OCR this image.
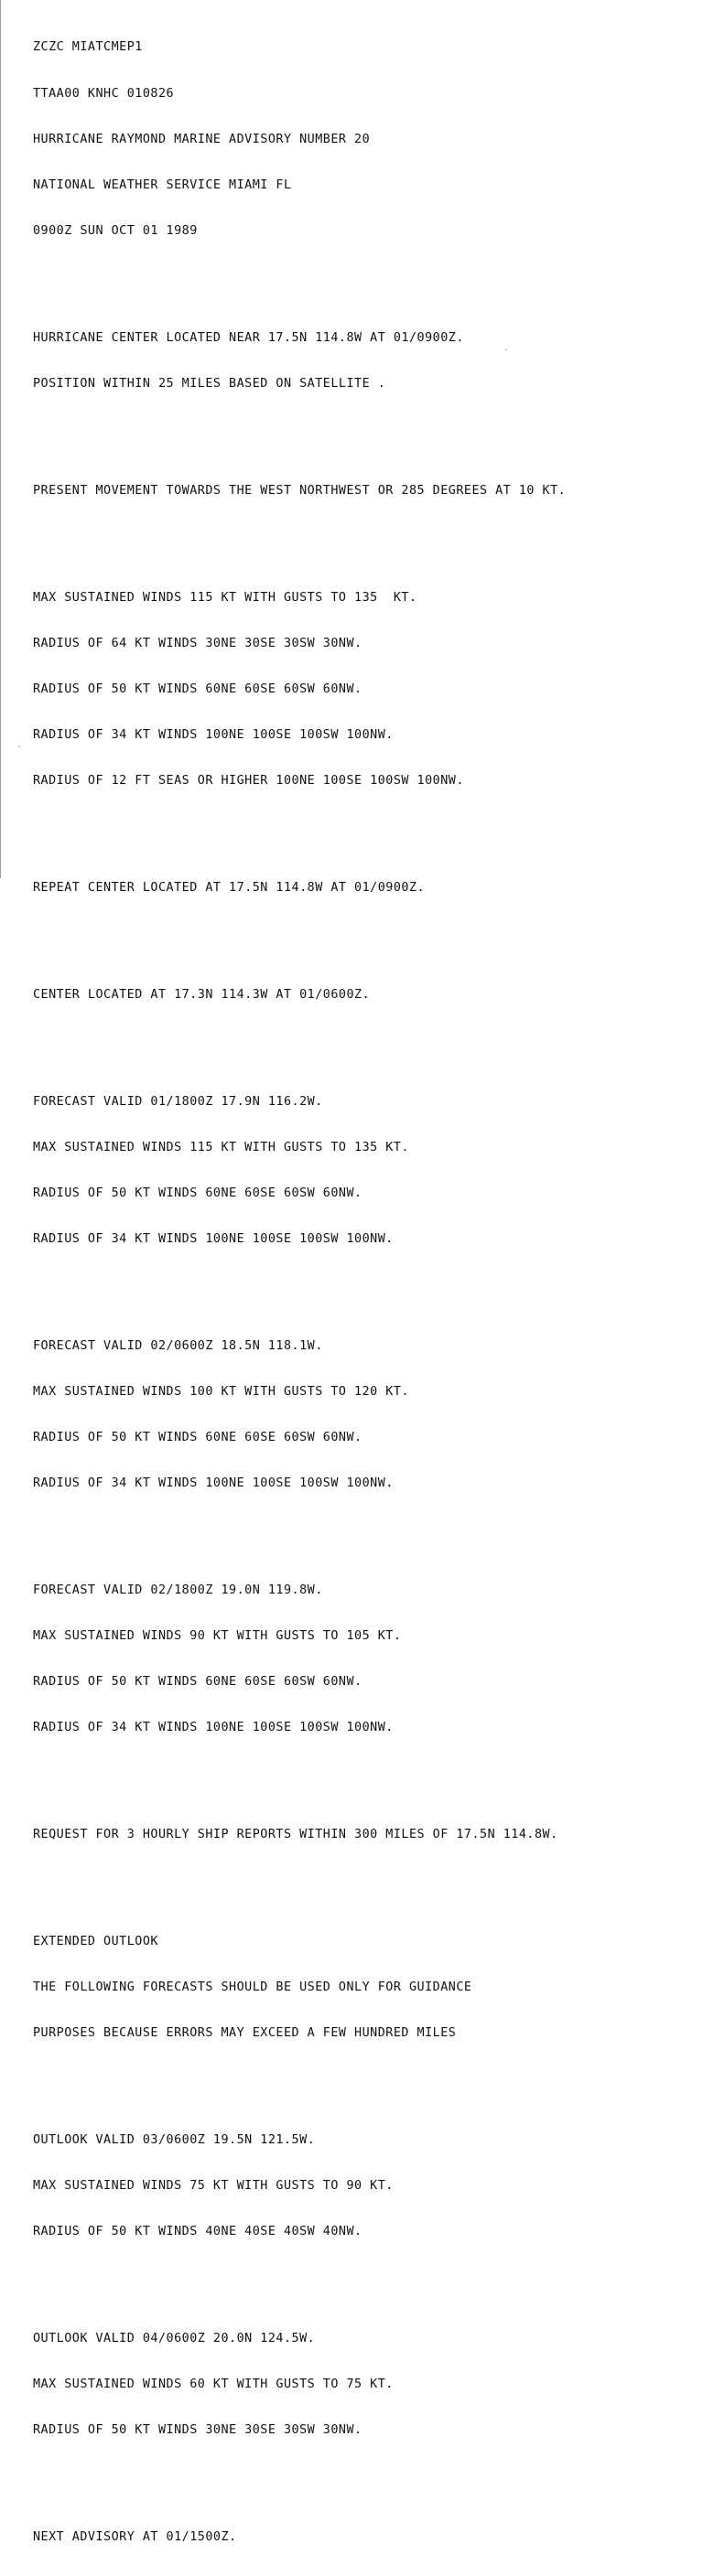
ZCZC MIATCMEP1

TTAA00 KNHC 010826

HURRICANE RAYMOND MARINE ADVISORY NUMBER 20

NATIONAL WEATHER SERVICE MIAMI FL

0900Z SUN OCT 01 1989

HURRICANE CENTER LOCATED NEAR 17.5N 114.8W AT 01/0900Z.

POSITION WITHIN 25 MILES BASED ON SATELLITE .

PRESENT MOVEMENT TOWARDS THE WEST NORTHWEST OR 285 DEGREES AT 10 KT.

MAX SUSTAINED WINDS 115 KT WITH GUSTS TO 135  KT.

RADIUS OF 64 KT WINDS 30NE 30SE 30SW 30NW.

RADIUS OF 50 KT WINDS 60NE 60SE 60SW 60NW.

RADIUS OF 34 KT WINDS 100NE 100SE 100SW 100NW.

RADIUS OF 12 FT SEAS OR HIGHER 100NE 100SE 100SW 100NW.

REPEAT CENTER LOCATED AT 17.5N 114.8W AT 01/0900Z.

CENTER LOCATED AT 17.3N 114.3W AT 01/0600Z.

FORECAST VALID 01/1800Z 17.9N 116.2W.

MAX SUSTAINED WINDS 115 KT WITH GUSTS TO 135 KT.

RADIUS OF 50 KT WINDS 60NE 60SE 60SW 60NW.

RADIUS OF 34 KT WINDS 100NE 100SE 100SW 100NW.

FORECAST VALID 02/0600Z 18.5N 118.1W.

MAX SUSTAINED WINDS 100 KT WITH GUSTS TO 120 KT.

RADIUS OF 50 KT WINDS 60NE 60SE 60SW 60NW.

RADIUS OF 34 KT WINDS 100NE 100SE 100SW 100NW.

FORECAST VALID 02/1800Z 19.0N 119.8W.

MAX SUSTAINED WINDS 90 KT WITH GUSTS TO 105 KT.

RADIUS OF 50 KT WINDS 60NE 60SE 60SW 60NW.

RADIUS OF 34 KT WINDS 100NE 100SE 100SW 100NW.

REQUEST FOR 3 HOURLY SHIP REPORTS WITHIN 300 MILES OF 17.5N 114.8W.

EXTENDED OUTLOOK

THE FOLLOWING FORECASTS SHOULD BE USED ONLY FOR GUIDANCE

PURPOSES BECAUSE ERRORS MAY EXCEED A FEW HUNDRED MILES

OUTLOOK VALID 03/0600Z 19.5N 121.5W.

MAX SUSTAINED WINDS 75 KT WITH GUSTS TO 90 KT.

RADIUS OF 50 KT WINDS 40NE 40SE 40SW 40NW.

OUTLOOK VALID 04/0600Z 20.0N 124.5W.

MAX SUSTAINED WINDS 60 KT WITH GUSTS TO 75 KT.

RADIUS OF 50 KT WINDS 30NE 30SE 30SW 30NW.

NEXT ADVISORY AT 01/1500Z.
